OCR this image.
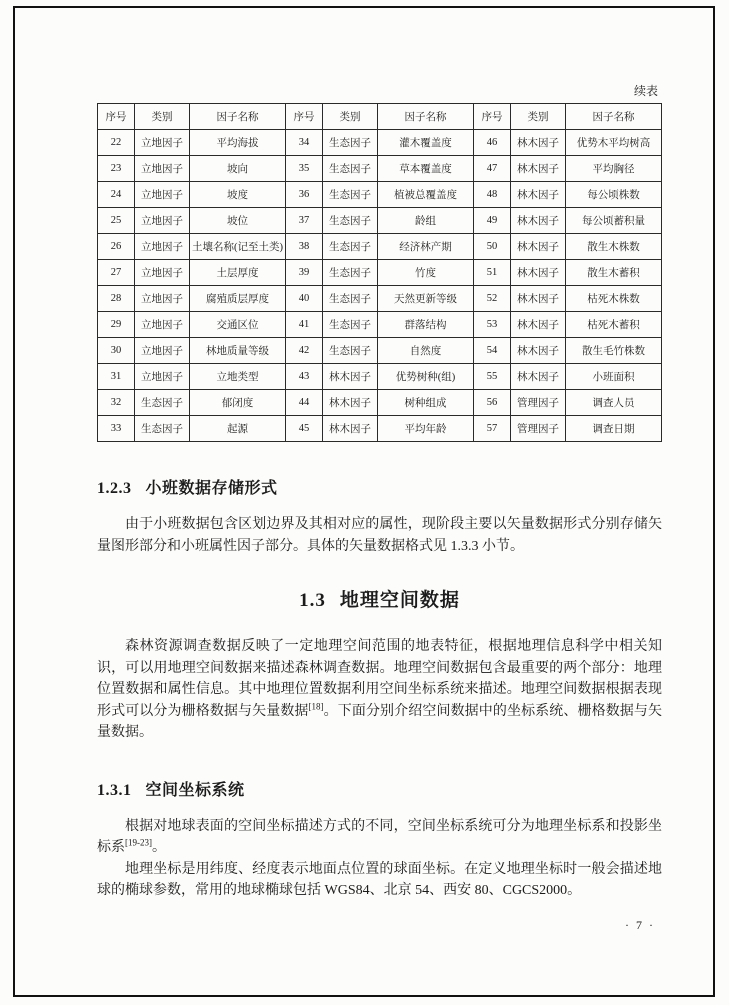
续表
序号	类别	因子名称	序号	类别	因子名称	序号	类别	因子名称
22	立地因子	平均海拔	34	生态因子	灌木覆盖度	46	林木因子	优势木平均树高
23	立地因子	坡向	35	生态因子	草本覆盖度	47	林木因子	平均胸径
24	立地因子	坡度	36	生态因子	植被总覆盖度	48	林木因子	每公顷株数
25	立地因子	坡位	37	生态因子	龄组	49	林木因子	每公顷蓄积量
26	立地因子	土壤名称(记至土类)	38	生态因子	经济林产期	50	林木因子	散生木株数
27	立地因子	土层厚度	39	生态因子	竹度	51	林木因子	散生木蓄积
28	立地因子	腐殖质层厚度	40	生态因子	天然更新等级	52	林木因子	枯死木株数
29	立地因子	交通区位	41	生态因子	群落结构	53	林木因子	枯死木蓄积
30	立地因子	林地质量等级	42	生态因子	自然度	54	林木因子	散生毛竹株数
31	立地因子	立地类型	43	林木因子	优势树种(组)	55	林木因子	小班面积
32	生态因子	郁闭度	44	林木因子	树种组成	56	管理因子	调查人员
33	生态因子	起源	45	林木因子	平均年龄	57	管理因子	调查日期
1.2.3 小班数据存储形式

由于小班数据包含区划边界及其相对应的属性，现阶段主要以矢量数据形式分别存储矢量图形部分和小班属性因子部分。具体的矢量数据格式见 1.3.3 小节。

1.3 地理空间数据

森林资源调查数据反映了一定地理空间范围的地表特征，根据地理信息科学中相关知识，可以用地理空间数据来描述森林调查数据。地理空间数据包含最重要的两个部分：地理位置数据和属性信息。其中地理位置数据利用空间坐标系统来描述。地理空间数据根据表现形式可以分为栅格数据与矢量数据[18]。下面分别介绍空间数据中的坐标系统、栅格数据与矢量数据。

1.3.1 空间坐标系统

根据对地球表面的空间坐标描述方式的不同，空间坐标系统可分为地理坐标系和投影坐标系[19-23]。

地理坐标是用纬度、经度表示地面点位置的球面坐标。在定义地理坐标时一般会描述地球的椭球参数，常用的地球椭球包括 WGS84、北京 54、西安 80、CGCS2000。

· 7 ·
